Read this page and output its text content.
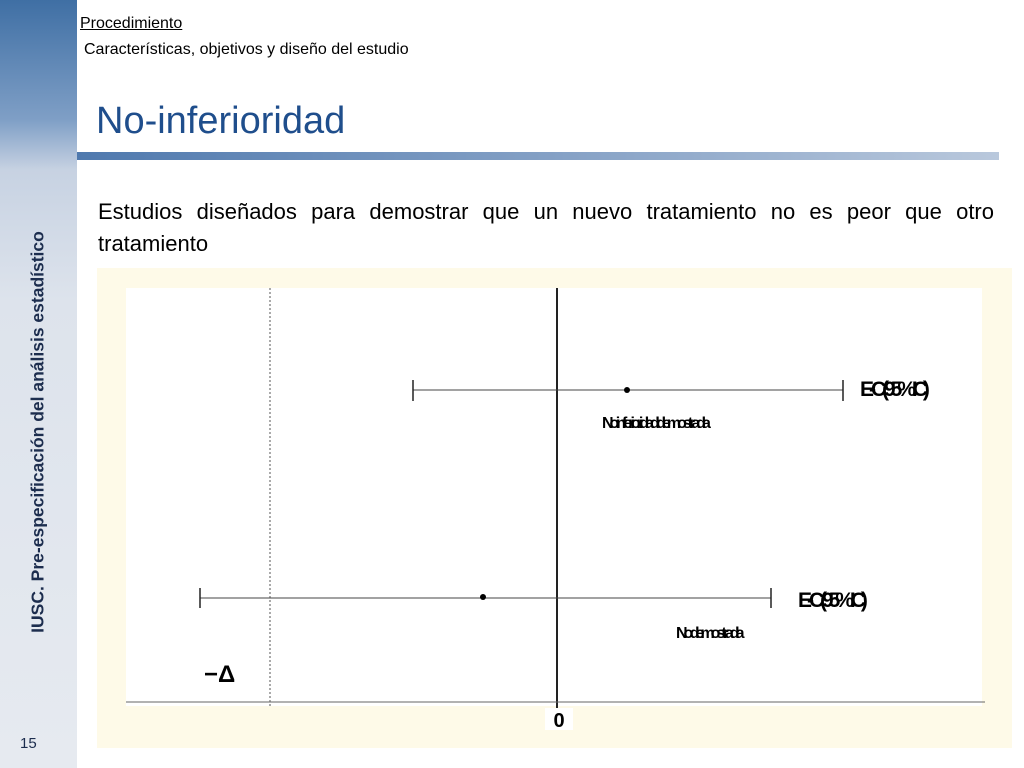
IUSC. Pre-especificación del análisis estadístico
15
Procedimiento
Características, objetivos y diseño del estudio
No-inferioridad
Estudios diseñados para demostrar que un nuevo tratamiento no es peor que otro tratamiento
E-C (95% IC)
No inferioridad demostrada
E-C (95% IC)
No demostrada
−Δ
0
